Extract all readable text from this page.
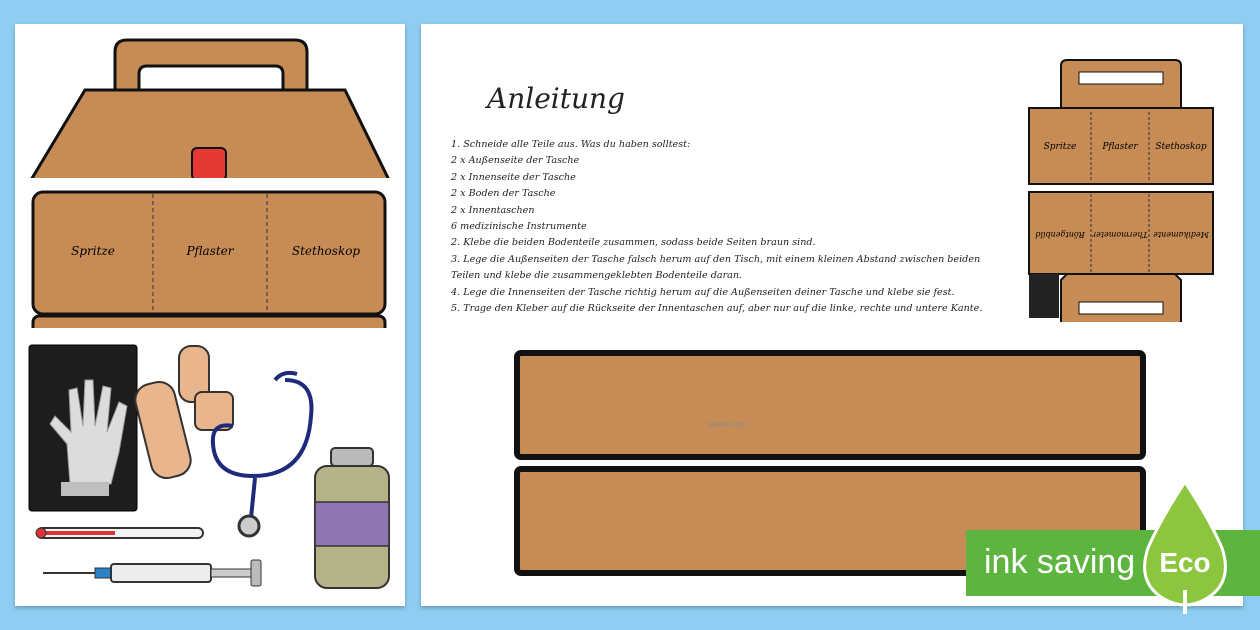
Spritze	Pflaster	Stethoskop
Anleitung
1. Schneide alle Teile aus. Was du haben solltest:
2 x Außenseite der Tasche
2 x Innenseite der Tasche
2 x Boden der Tasche
2 x Innentaschen
6 medizinische Instrumente
2. Klebe die beiden Bodenteile zusammen, sodass beide Seiten braun sind.
3. Lege die Außenseiten der Tasche falsch herum auf den Tisch, mit einem kleinen Abstand zwischen beiden
Teilen und klebe die zusammengeklebten Bodenteile daran.
4. Lege die Innenseiten der Tasche richtig herum auf die Außenseiten deiner Tasche und klebe sie fest.
5. Trage den Kleber auf die Rückseite der Innentaschen auf, aber nur auf die linke, rechte und untere Kante.
Spritze	Pflaster Stethoskop
Röntgenbild Thermometer Medikamente
twinkl.com
ink saving Eco
